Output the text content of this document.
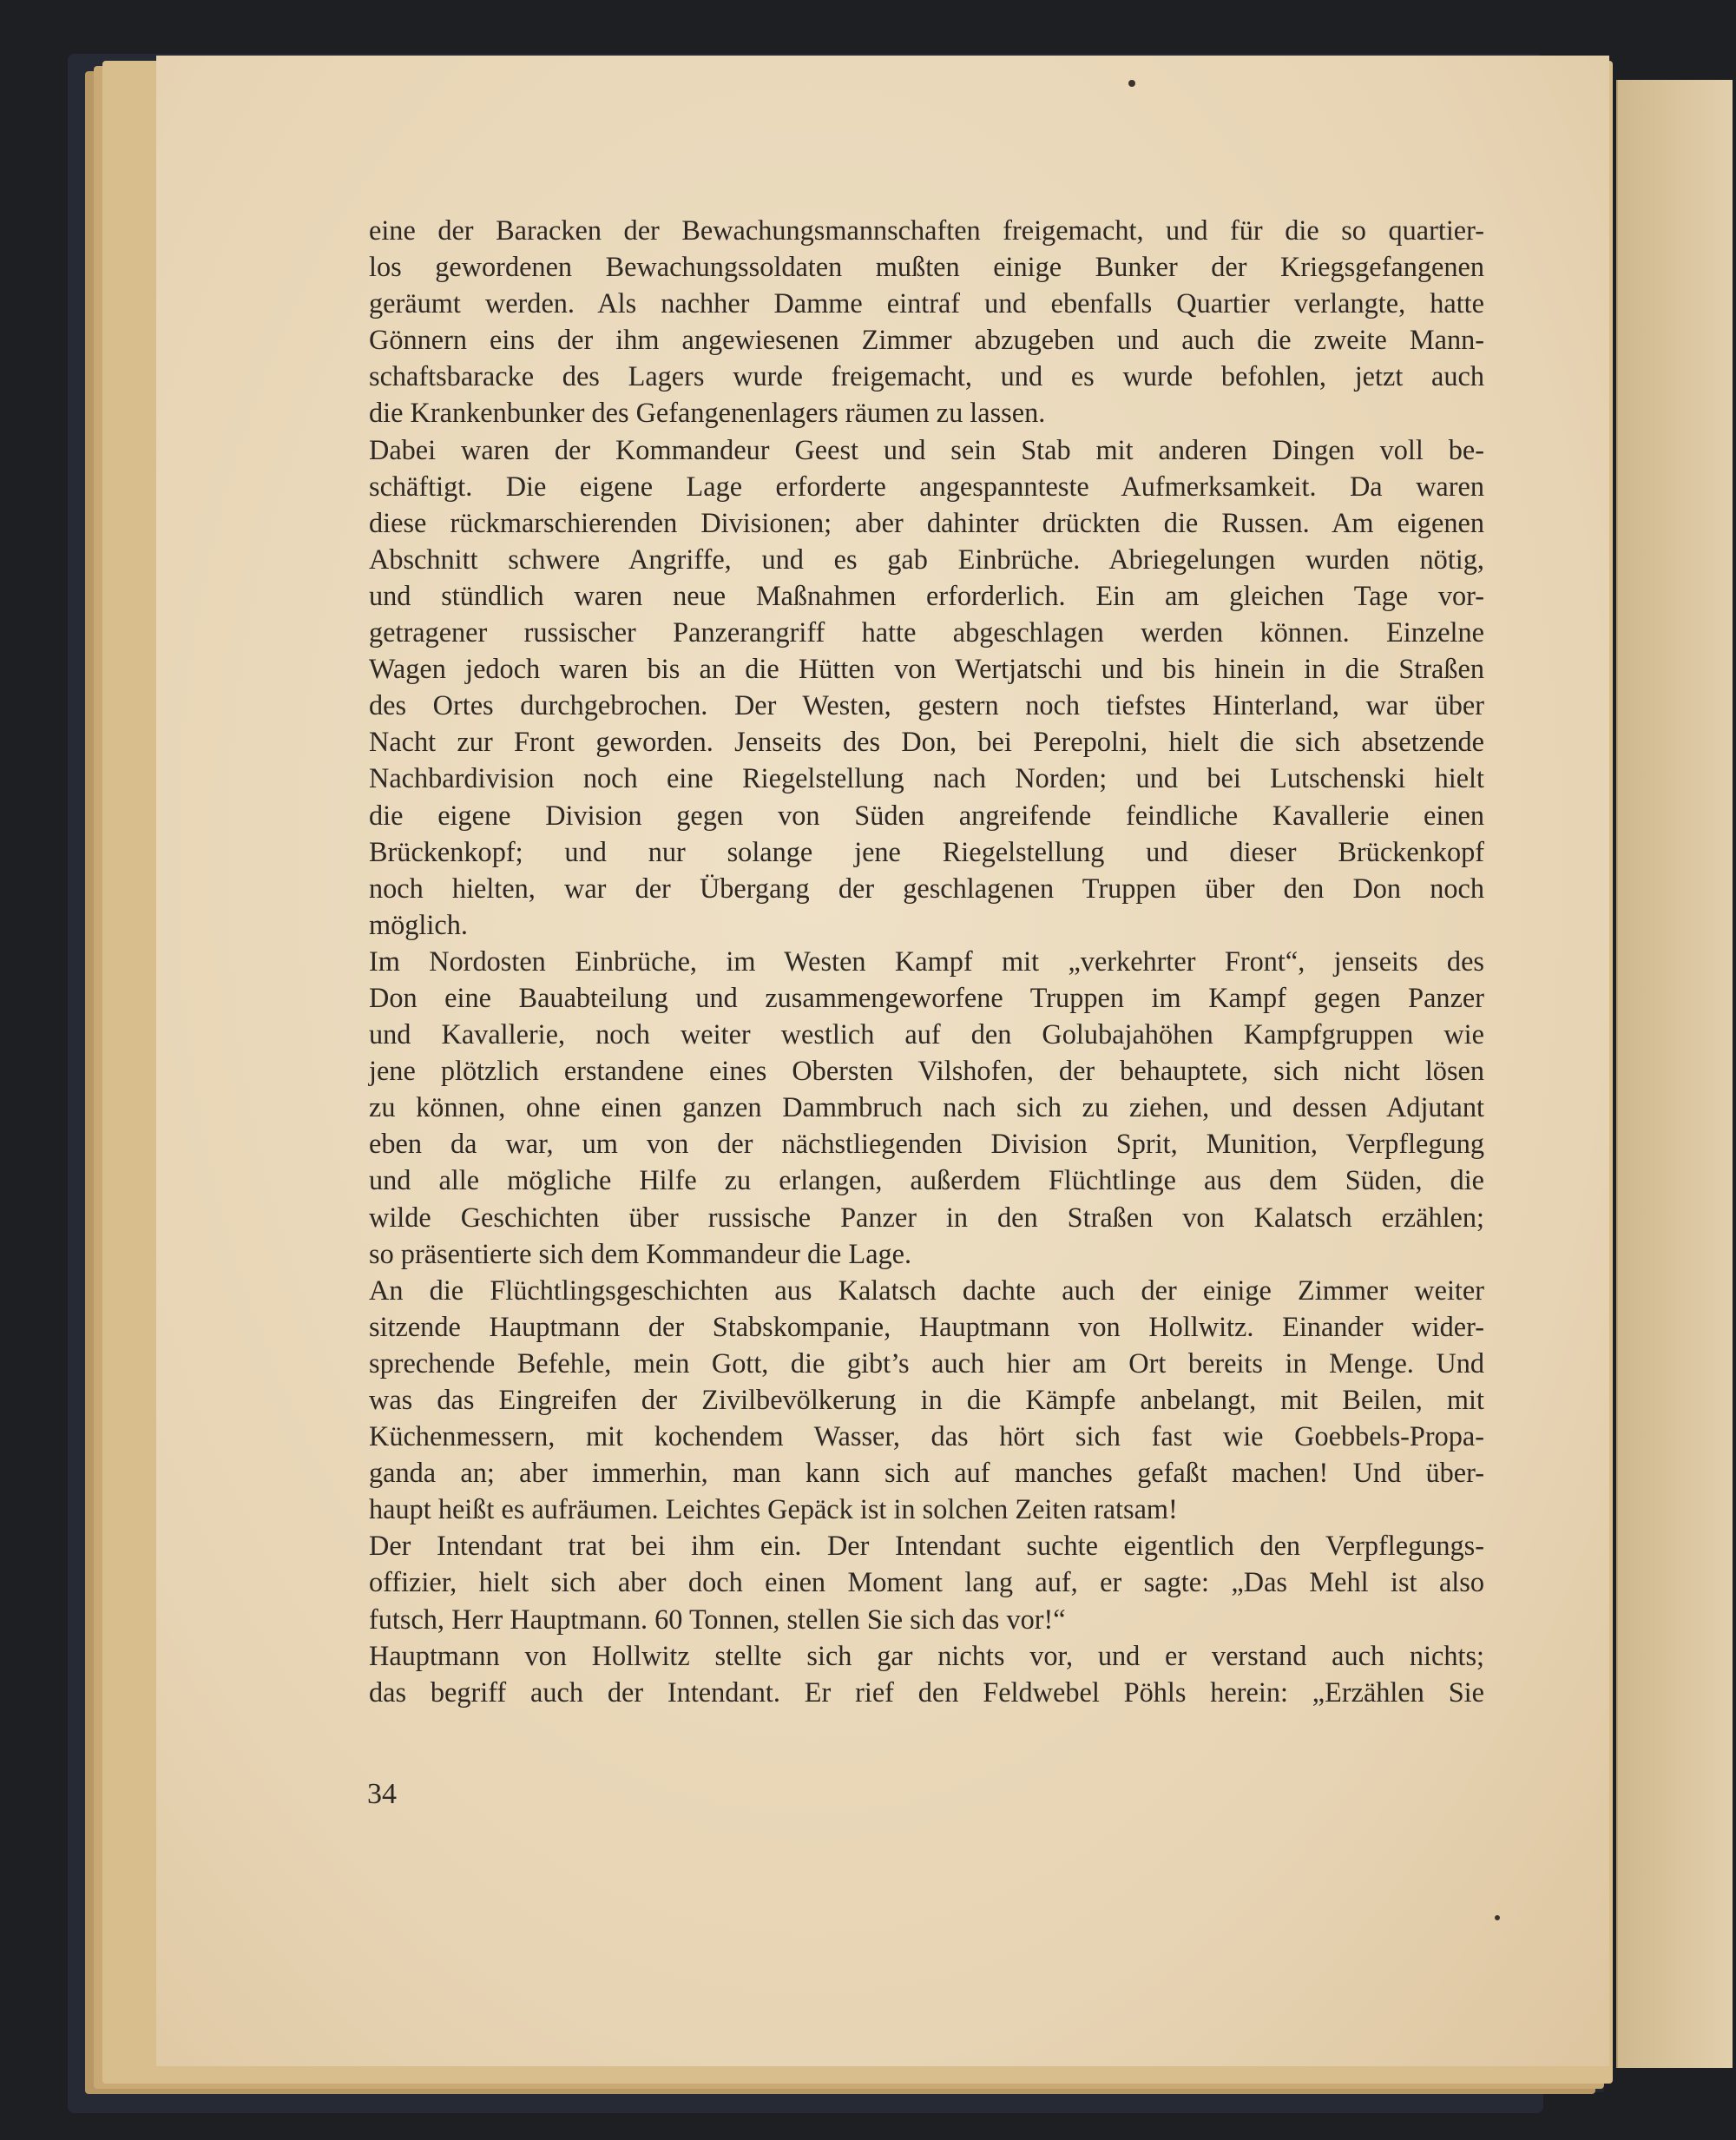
eine der Baracken der Bewachungsmannschaften freigemacht, und für die so quartier-
los gewordenen Bewachungssoldaten mußten einige Bunker der Kriegsgefangenen
geräumt werden. Als nachher Damme eintraf und ebenfalls Quartier verlangte, hatte
Gönnern eins der ihm angewiesenen Zimmer abzugeben und auch die zweite Mann-
schaftsbaracke des Lagers wurde freigemacht, und es wurde befohlen, jetzt auch
die Krankenbunker des Gefangenenlagers räumen zu lassen.
Dabei waren der Kommandeur Geest und sein Stab mit anderen Dingen voll be-
schäftigt. Die eigene Lage erforderte angespannteste Aufmerksamkeit. Da waren
diese rückmarschierenden Divisionen; aber dahinter drückten die Russen. Am eigenen
Abschnitt schwere Angriffe, und es gab Einbrüche. Abriegelungen wurden nötig,
und stündlich waren neue Maßnahmen erforderlich. Ein am gleichen Tage vor-
getragener russischer Panzerangriff hatte abgeschlagen werden können. Einzelne
Wagen jedoch waren bis an die Hütten von Wertjatschi und bis hinein in die Straßen
des Ortes durchgebrochen. Der Westen, gestern noch tiefstes Hinterland, war über
Nacht zur Front geworden. Jenseits des Don, bei Perepolni, hielt die sich absetzende
Nachbardivision noch eine Riegelstellung nach Norden; und bei Lutschenski hielt
die eigene Division gegen von Süden angreifende feindliche Kavallerie einen
Brückenkopf; und nur solange jene Riegelstellung und dieser Brückenkopf
noch hielten, war der Übergang der geschlagenen Truppen über den Don noch
möglich.
Im Nordosten Einbrüche, im Westen Kampf mit „verkehrter Front“, jenseits des
Don eine Bauabteilung und zusammengeworfene Truppen im Kampf gegen Panzer
und Kavallerie, noch weiter westlich auf den Golubajahöhen Kampfgruppen wie
jene plötzlich erstandene eines Obersten Vilshofen, der behauptete, sich nicht lösen
zu können, ohne einen ganzen Dammbruch nach sich zu ziehen, und dessen Adjutant
eben da war, um von der nächstliegenden Division Sprit, Munition, Verpflegung
und alle mögliche Hilfe zu erlangen, außerdem Flüchtlinge aus dem Süden, die
wilde Geschichten über russische Panzer in den Straßen von Kalatsch erzählen;
so präsentierte sich dem Kommandeur die Lage.
An die Flüchtlingsgeschichten aus Kalatsch dachte auch der einige Zimmer weiter
sitzende Hauptmann der Stabskompanie, Hauptmann von Hollwitz. Einander wider-
sprechende Befehle, mein Gott, die gibt’s auch hier am Ort bereits in Menge. Und
was das Eingreifen der Zivilbevölkerung in die Kämpfe anbelangt, mit Beilen, mit
Küchenmessern, mit kochendem Wasser, das hört sich fast wie Goebbels-Propa-
ganda an; aber immerhin, man kann sich auf manches gefaßt machen! Und über-
haupt heißt es aufräumen. Leichtes Gepäck ist in solchen Zeiten ratsam!
Der Intendant trat bei ihm ein. Der Intendant suchte eigentlich den Verpflegungs-
offizier, hielt sich aber doch einen Moment lang auf, er sagte: „Das Mehl ist also
futsch, Herr Hauptmann. 60 Tonnen, stellen Sie sich das vor!“
Hauptmann von Hollwitz stellte sich gar nichts vor, und er verstand auch nichts;
das begriff auch der Intendant. Er rief den Feldwebel Pöhls herein: „Erzählen Sie
34
